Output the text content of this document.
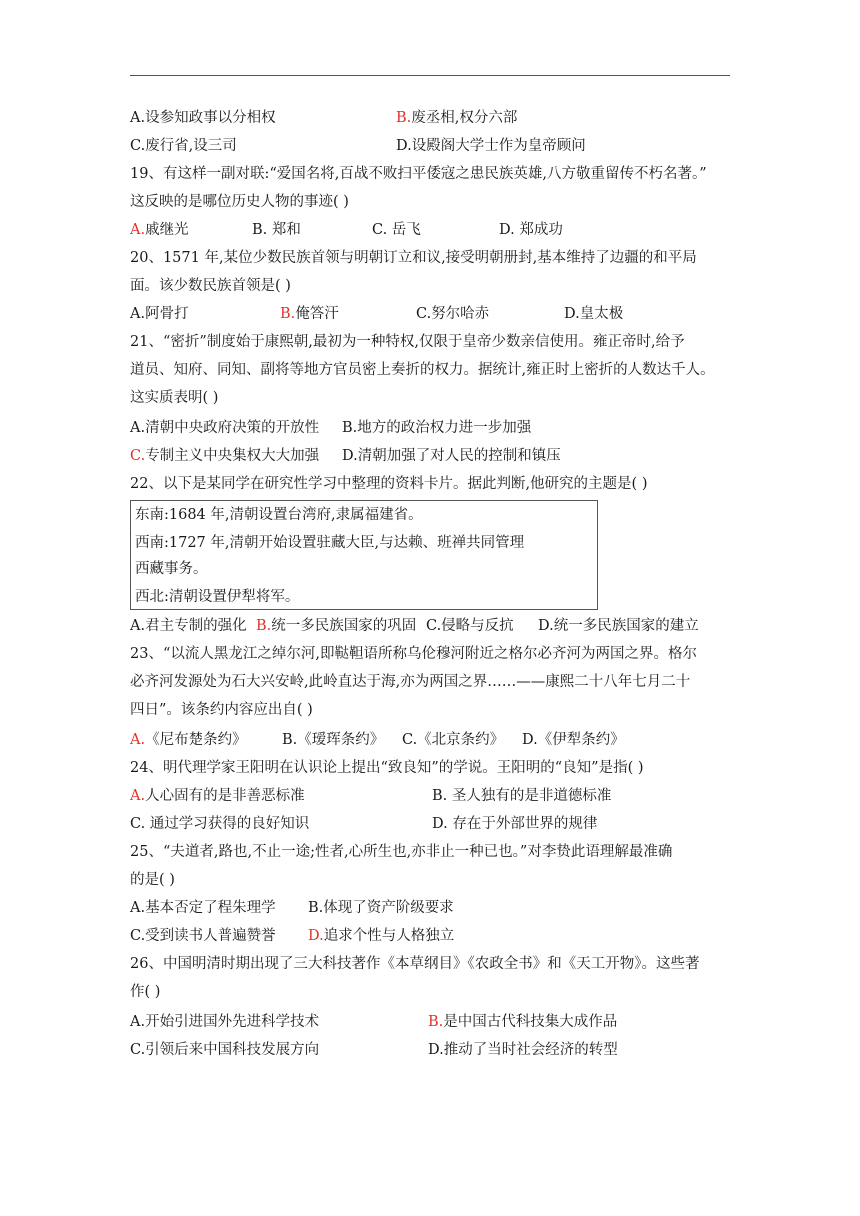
A.设参知政事以分相权	B.废丞相,权分六部
C.废行省,设三司	D.设殿阁大学士作为皇帝顾问
19、有这样一副对联:“爱国名将,百战不败扫平倭寇之患民族英雄,八方敬重留传不朽名著。”
这反映的是哪位历史人物的事迹( )
A.戚继光	B. 郑和	C. 岳飞	D. 郑成功
20、1571 年,某位少数民族首领与明朝订立和议,接受明朝册封,基本维持了边疆的和平局
面。该少数民族首领是( )
A.阿骨打	B.俺答汗	C.努尔哈赤	D.皇太极
21、“密折”制度始于康熙朝,最初为一种特权,仅限于皇帝少数亲信使用。雍正帝时,给予
道员、知府、同知、副将等地方官员密上奏折的权力。据统计,雍正时上密折的人数达千人。
这实质表明( )
A.清朝中央政府决策的开放性 B.地方的政治权力进一步加强
C.专制主义中央集权大大加强 D.清朝加强了对人民的控制和镇压
22、以下是某同学在研究性学习中整理的资料卡片。据此判断,他研究的主题是( )
东南:1684 年,清朝设置台湾府,隶属福建省。
西南:1727 年,清朝开始设置驻藏大臣,与达赖、班禅共同管理
西藏事务。
西北:清朝设置伊犁将军。
A.君主专制的强化 B.统一多民族国家的巩固 C.侵略与反抗 D.统一多民族国家的建立
23、“以流人黑龙江之绰尔河,即鞑靼语所称乌伦穆河附近之格尔必齐河为两国之界。格尔
必齐河发源处为石大兴安岭,此岭直达于海,亦为两国之界……——康熙二十八年七月二十
四日”。该条约内容应出自( )
A.《尼布楚条约》 B.《瑷珲条约》 C.《北京条约》 D.《伊犁条约》
24、明代理学家王阳明在认识论上提出“致良知”的学说。王阳明的“良知”是指( )
A.人心固有的是非善恶标准	B. 圣人独有的是非道德标准
C. 通过学习获得的良好知识	D. 存在于外部世界的规律
25、“夫道者,路也,不止一途;性者,心所生也,亦非止一种已也。”对李贽此语理解最准确
的是( )
A.基本否定了程朱理学 B.体现了资产阶级要求
C.受到读书人普遍赞誉 D.追求个性与人格独立
26、中国明清时期出现了三大科技著作《本草纲目》《农政全书》和《天工开物》。这些著
作( )
A.开始引进国外先进科学技术	B.是中国古代科技集大成作品
C.引领后来中国科技发展方向	D.推动了当时社会经济的转型
